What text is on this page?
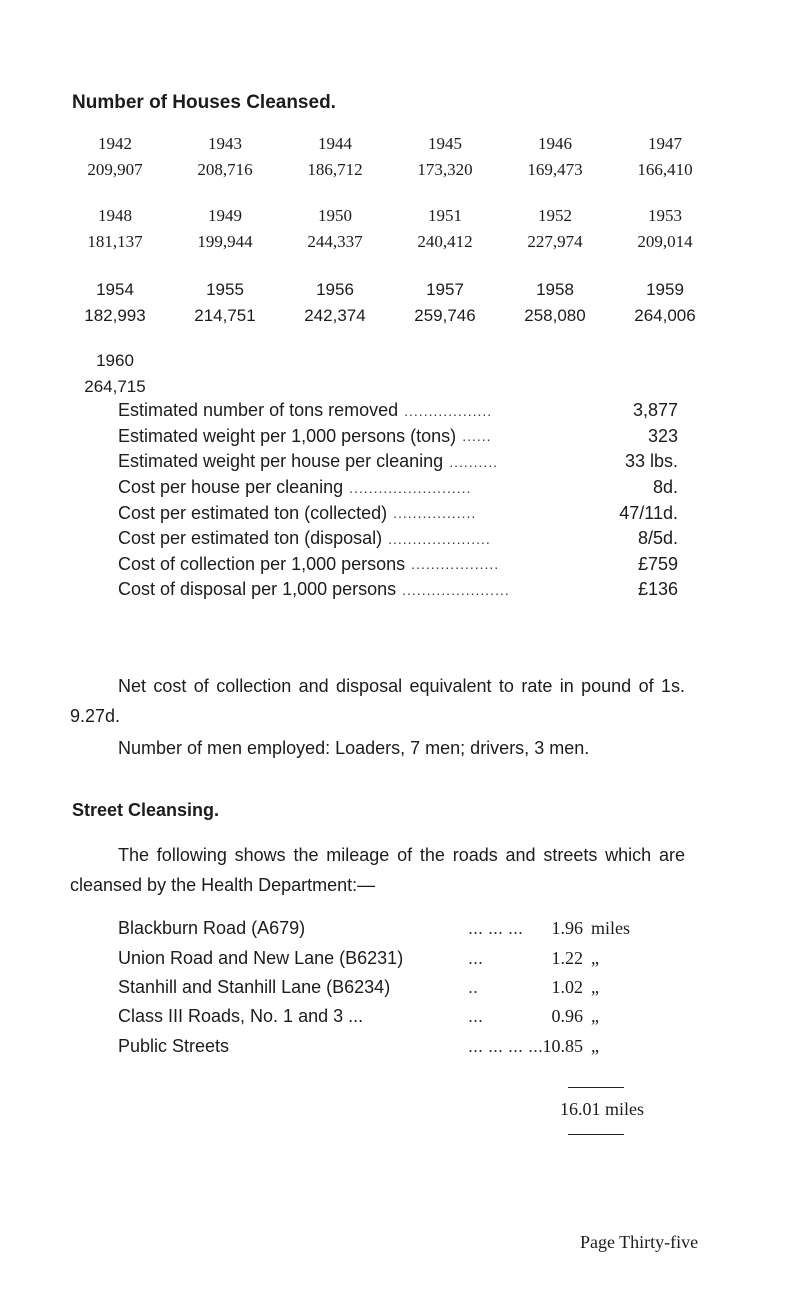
Number of Houses Cleansed.
1942	1943	1944	1945	1946	1947
209,907	208,716	186,712	173,320	169,473	166,410
1948	1949	1950	1951	1952	1953
181,137	199,944	244,337	240,412	227,974	209,014
1954	1955	1956	1957	1958	1959
182,993	214,751	242,374	259,746	258,080	264,006
1960
264,715
Estimated number of tons removed ..................	3,877
Estimated weight per 1,000 persons (tons) ......	323
Estimated weight per house per cleaning ..........	33 lbs.
Cost per house per cleaning .........................	8d.
Cost per estimated ton (collected) .................	47/11d.
Cost per estimated ton (disposal) .....................	8/5d.
Cost of collection per 1,000 persons ..................	£759
Cost of disposal per 1,000 persons ......................	£136

Net cost of collection and disposal equivalent to rate in pound of 1s. 9.27d.

Number of men employed: Loaders, 7 men; drivers, 3 men.

Street Cleansing.

The following shows the mileage of the roads and streets which are cleansed by the Health Department:—

Blackburn Road (A679)	... ... ...	1.96 miles
Union Road and New Lane (B6231)	...	1.22 „
Stanhill and Stanhill Lane (B6234)	..	1.02 „
Class III Roads, No. 1 and 3 ...	...	0.96 „
Public Streets	... ... ... ... 10.85 „
16.01 miles
Page Thirty-five
